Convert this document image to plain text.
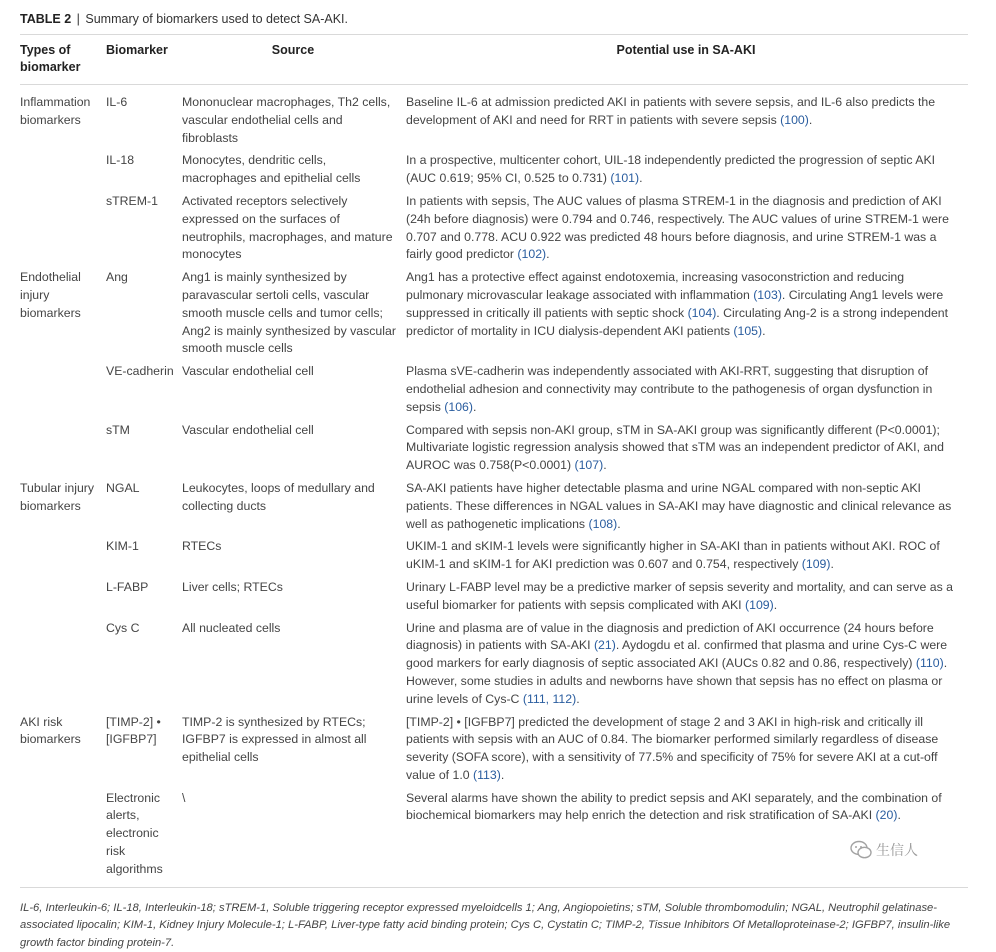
TABLE 2 | Summary of biomarkers used to detect SA-AKI.
Types of biomarker	Biomarker	Source	Potential use in SA-AKI
Inflammation biomarkers	IL-6	Mononuclear macrophages, Th2 cells, vascular endothelial cells and fibroblasts	Baseline IL-6 at admission predicted AKI in patients with severe sepsis, and IL-6 also predicts the development of AKI and need for RRT in patients with severe sepsis (100).
	IL-18	Monocytes, dendritic cells, macrophages and epithelial cells	In a prospective, multicenter cohort, UIL-18 independently predicted the progression of septic AKI (AUC 0.619; 95% CI, 0.525 to 0.731) (101).
	sTREM-1	Activated receptors selectively expressed on the surfaces of neutrophils, macrophages, and mature monocytes	In patients with sepsis, The AUC values of plasma STREM-1 in the diagnosis and prediction of AKI (24h before diagnosis) were 0.794 and 0.746, respectively. The AUC values of urine STREM-1 were 0.707 and 0.778. ACU 0.922 was predicted 48 hours before diagnosis, and urine STREM-1 was a fairly good predictor (102).
Endothelial injury biomarkers	Ang	Ang1 is mainly synthesized by paravascular sertoli cells, vascular smooth muscle cells and tumor cells; Ang2 is mainly synthesized by vascular smooth muscle cells	Ang1 has a protective effect against endotoxemia, increasing vasoconstriction and reducing pulmonary microvascular leakage associated with inflammation (103). Circulating Ang1 levels were suppressed in critically ill patients with septic shock (104). Circulating Ang-2 is a strong independent predictor of mortality in ICU dialysis-dependent AKI patients (105).
	VE-cadherin	Vascular endothelial cell	Plasma sVE-cadherin was independently associated with AKI-RRT, suggesting that disruption of endothelial adhesion and connectivity may contribute to the pathogenesis of organ dysfunction in sepsis (106).
	sTM	Vascular endothelial cell	Compared with sepsis non-AKI group, sTM in SA-AKI group was significantly different (P<0.0001); Multivariate logistic regression analysis showed that sTM was an independent predictor of AKI, and AUROC was 0.758(P<0.0001) (107).
Tubular injury biomarkers	NGAL	Leukocytes, loops of medullary and collecting ducts	SA-AKI patients have higher detectable plasma and urine NGAL compared with non-septic AKI patients. These differences in NGAL values in SA-AKI may have diagnostic and clinical relevance as well as pathogenetic implications (108).
	KIM-1	RTECs	UKIM-1 and sKIM-1 levels were significantly higher in SA-AKI than in patients without AKI. ROC of uKIM-1 and sKIM-1 for AKI prediction was 0.607 and 0.754, respectively (109).
	L-FABP	Liver cells; RTECs	Urinary L-FABP level may be a predictive marker of sepsis severity and mortality, and can serve as a useful biomarker for patients with sepsis complicated with AKI (109).
	Cys C	All nucleated cells	Urine and plasma are of value in the diagnosis and prediction of AKI occurrence (24 hours before diagnosis) in patients with SA-AKI (21). Aydogdu et al. confirmed that plasma and urine Cys-C were good markers for early diagnosis of septic associated AKI (AUCs 0.82 and 0.86, respectively) (110). However, some studies in adults and newborns have shown that sepsis has no effect on plasma or urine levels of Cys-C (111, 112).
AKI risk biomarkers	[TIMP-2] • [IGFBP7]	TIMP-2 is synthesized by RTECs; IGFBP7 is expressed in almost all epithelial cells	[TIMP-2] • [IGFBP7] predicted the development of stage 2 and 3 AKI in high-risk and critically ill patients with sepsis with an AUC of 0.84. The biomarker performed similarly regardless of disease severity (SOFA score), with a sensitivity of 77.5% and specificity of 75% for severe AKI at a cut-off value of 1.0 (113).
	Electronic alerts, electronic risk algorithms	\	Several alarms have shown the ability to predict sepsis and AKI separately, and the combination of biochemical biomarkers may help enrich the detection and risk stratification of SA-AKI (20).
IL-6, Interleukin-6; IL-18, Interleukin-18; sTREM-1, Soluble triggering receptor expressed myeloidcells 1; Ang, Angiopoietins; sTM, Soluble thrombomodulin; NGAL, Neutrophil gelatinase-associated lipocalin; KIM-1, Kidney Injury Molecule-1; L-FABP, Liver-type fatty acid binding protein; Cys C, Cystatin C; TIMP-2, Tissue Inhibitors Of Metalloproteinase-2; IGFBP7, insulin-like growth factor binding protein-7.
生信人
